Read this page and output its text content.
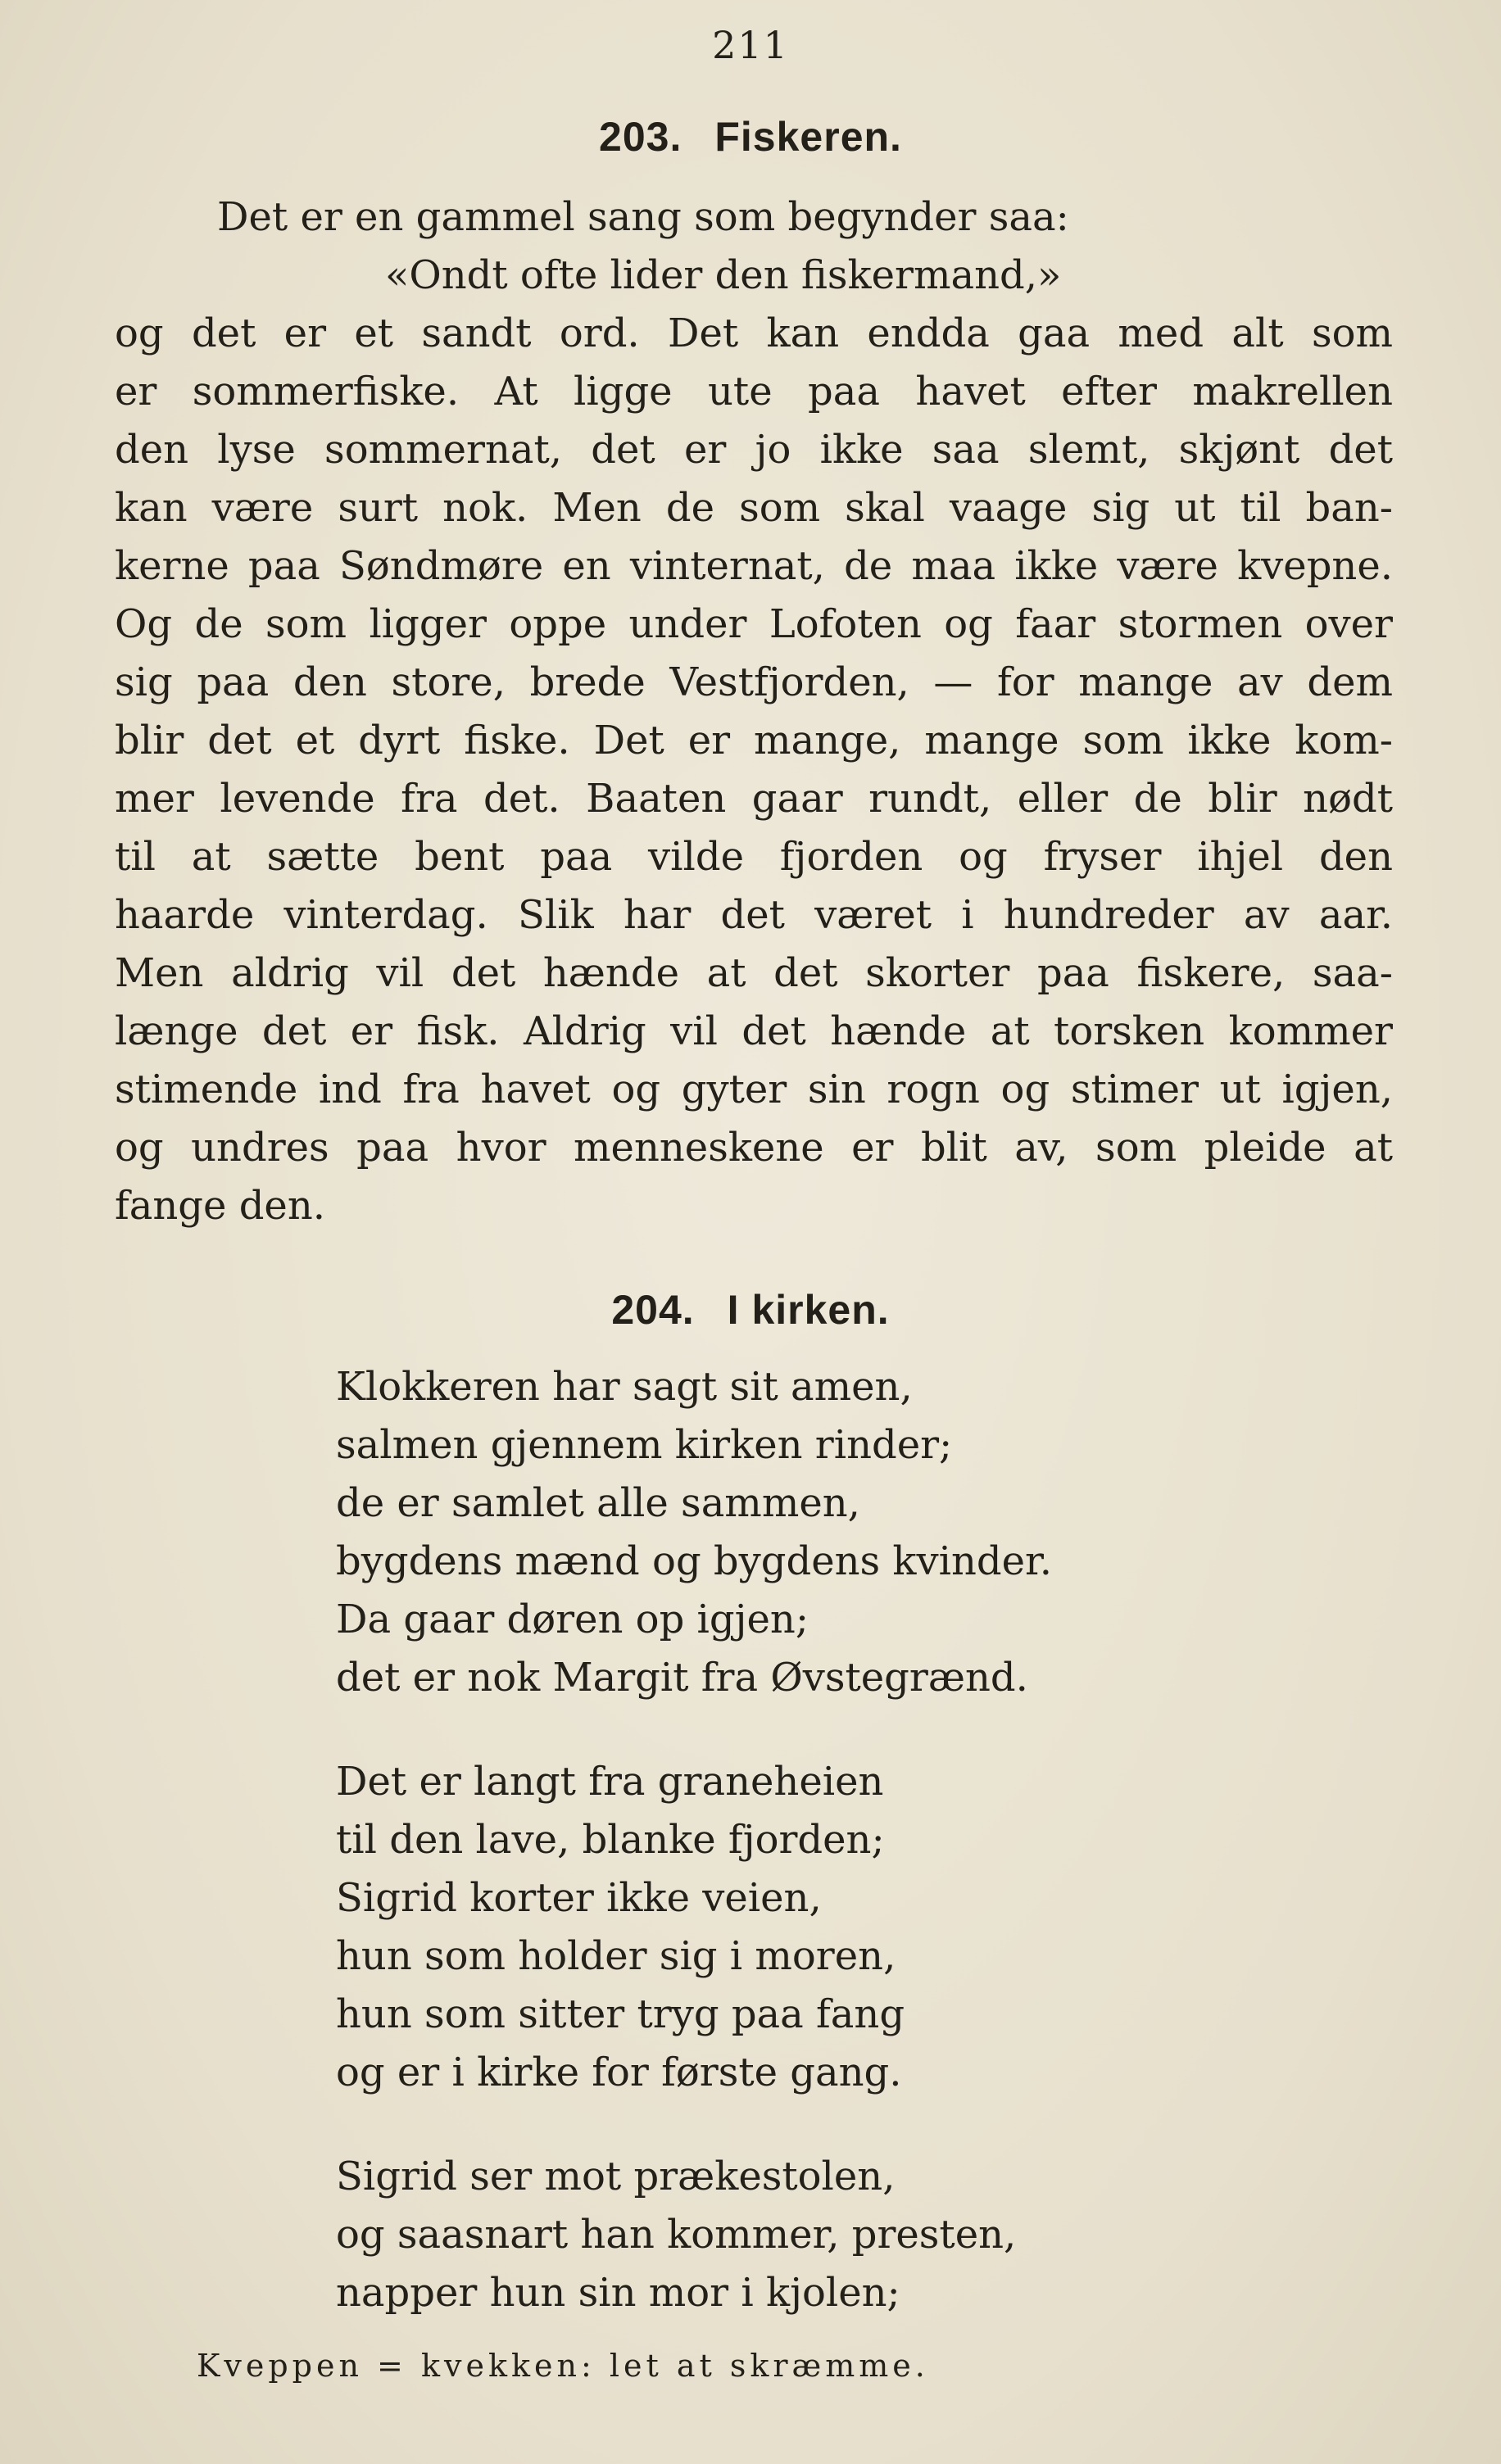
211
203. Fiskeren.
Det er en gammel sang som begynder saa:
«Ondt ofte lider den fiskermand,»
og det er et sandt ord. Det kan endda gaa med alt som
er sommerfiske. At ligge ute paa havet efter makrellen
den lyse sommernat, det er jo ikke saa slemt, skjønt det
kan være surt nok. Men de som skal vaage sig ut til ban-
kerne paa Søndmøre en vinternat, de maa ikke være kvepne.
Og de som ligger oppe under Lofoten og faar stormen over
sig paa den store, brede Vestfjorden, — for mange av dem
blir det et dyrt fiske. Det er mange, mange som ikke kom-
mer levende fra det. Baaten gaar rundt, eller de blir nødt
til at sætte bent paa vilde fjorden og fryser ihjel den
haarde vinterdag. Slik har det været i hundreder av aar.
Men aldrig vil det hænde at det skorter paa fiskere, saa-
længe det er fisk. Aldrig vil det hænde at torsken kommer
stimende ind fra havet og gyter sin rogn og stimer ut igjen,
og undres paa hvor menneskene er blit av, som pleide at
fange den.
204. I kirken.
Klokkeren har sagt sit amen,
salmen gjennem kirken rinder;
de er samlet alle sammen,
bygdens mænd og bygdens kvinder.
Da gaar døren op igjen;
det er nok Margit fra Øvstegrænd.
Det er langt fra graneheien
til den lave, blanke fjorden;
Sigrid korter ikke veien,
hun som holder sig i moren,
hun som sitter tryg paa fang
og er i kirke for første gang.
Sigrid ser mot prækestolen,
og saasnart han kommer, presten,
napper hun sin mor i kjolen;
Kveppen = kvekken: let at skræmme.
